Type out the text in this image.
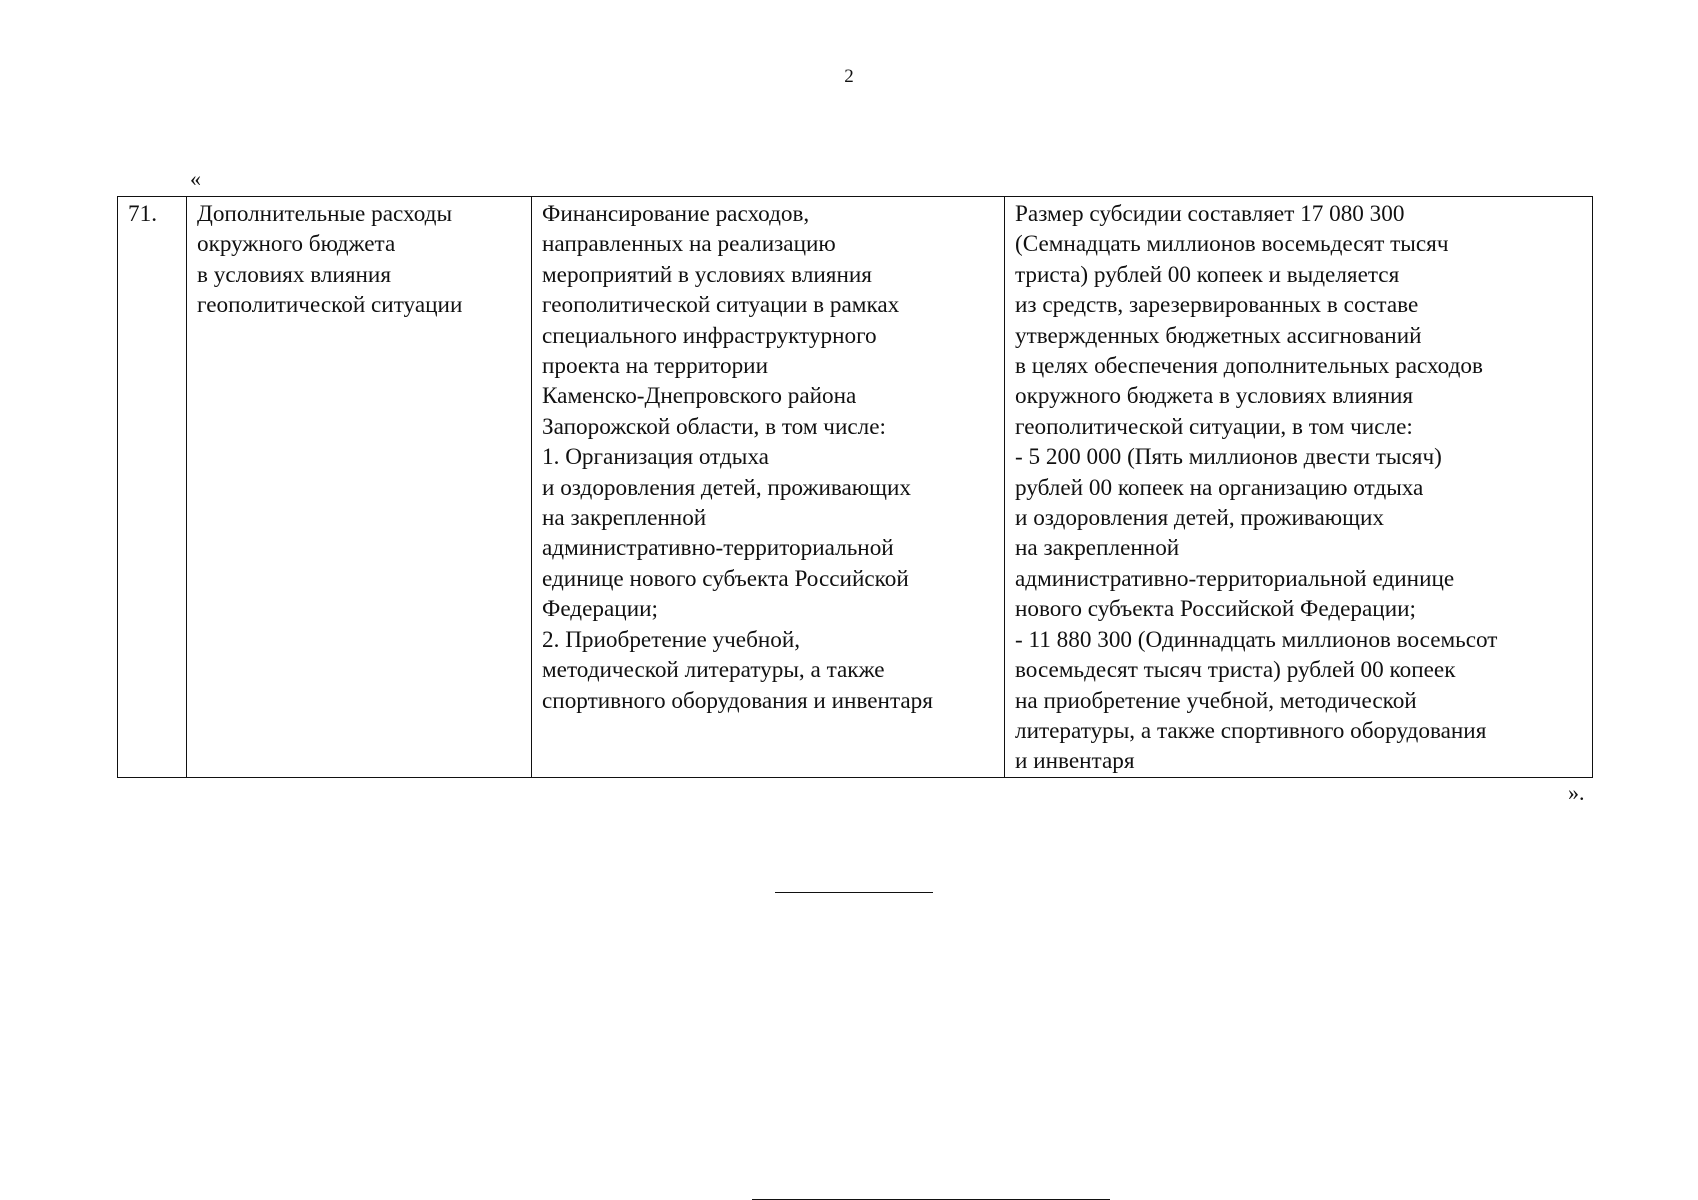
2
«
71.	Дополнительные расходы
окружного бюджета
в условиях влияния
геополитической ситуации	Финансирование расходов,
направленных на реализацию
мероприятий в условиях влияния
геополитической ситуации в рамках
специального инфраструктурного
проекта на территории
Каменско-Днепровского района
Запорожской области, в том числе:
1. Организация отдыха
и оздоровления детей, проживающих
на закрепленной
административно-территориальной
единице нового субъекта Российской
Федерации;
2. Приобретение учебной,
методической литературы, а также
спортивного оборудования и инвентаря	Размер субсидии составляет 17 080 300
(Семнадцать миллионов восемьдесят тысяч
триста) рублей 00 копеек и выделяется
из средств, зарезервированных в составе
утвержденных бюджетных ассигнований
в целях обеспечения дополнительных расходов
окружного бюджета в условиях влияния
геополитической ситуации, в том числе:
- 5 200 000 (Пять миллионов двести тысяч)
рублей 00 копеек на организацию отдыха
и оздоровления детей, проживающих
на закрепленной
административно-территориальной единице
нового субъекта Российской Федерации;
- 11 880 300 (Одиннадцать миллионов восемьсот
восемьдесят тысяч триста) рублей 00 копеек
на приобретение учебной, методической
литературы, а также спортивного оборудования
и инвентаря
».
